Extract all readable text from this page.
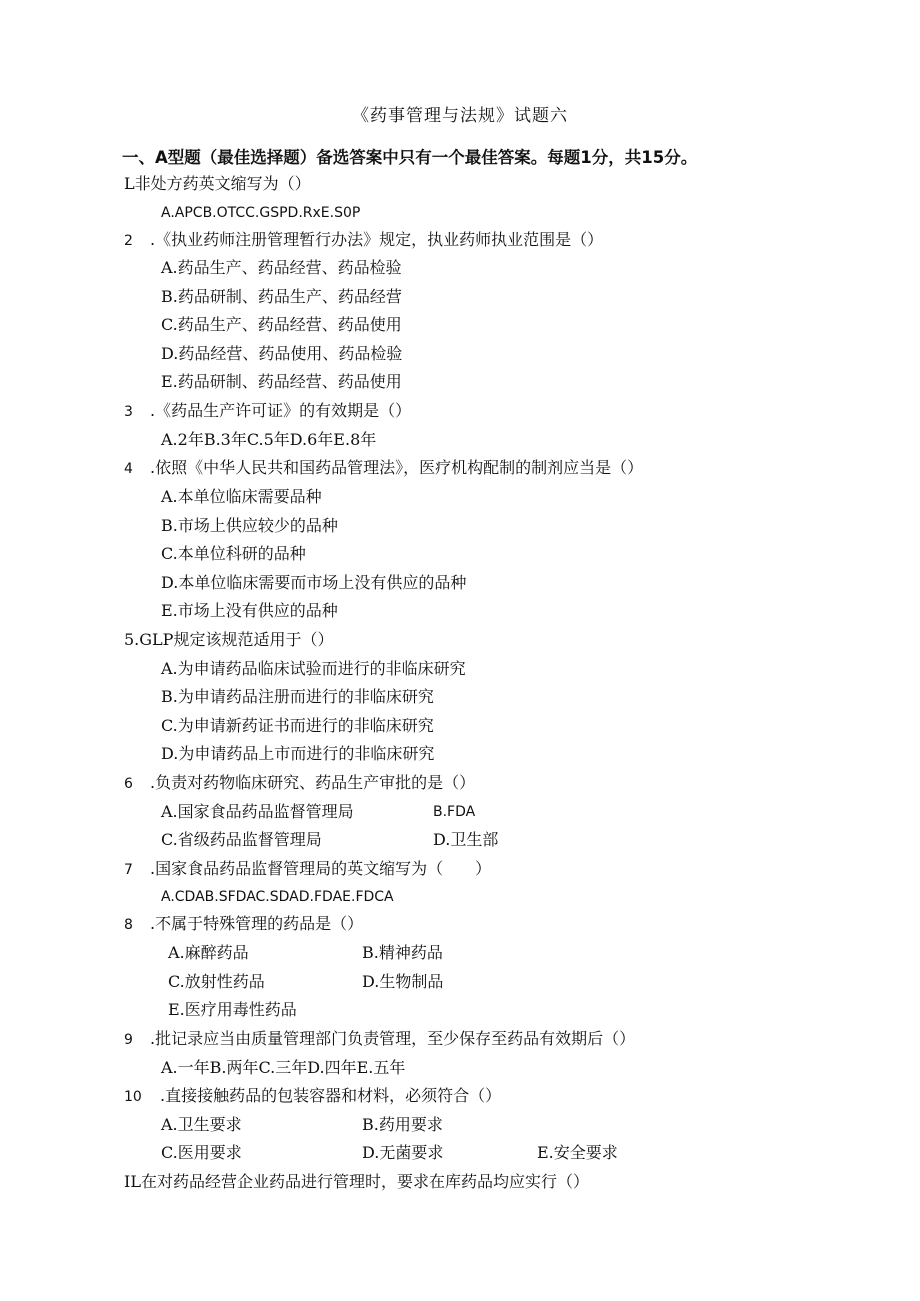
《药事管理与法规》试题六
一、A型题（最佳选择题）备选答案中只有一个最佳答案。每题1分，共15分。
L非处方药英文缩写为（）
A.APCB.OTCC.GSPD.RxE.S0P
2 .《执业药师注册管理暂行办法》规定，执业药师执业范围是（）
A.药品生产、药品经营、药品检验
B.药品研制、药品生产、药品经营
C.药品生产、药品经营、药品使用
D.药品经营、药品使用、药品检验
E.药品研制、药品经营、药品使用
3 .《药品生产许可证》的有效期是（）
A.2年B.3年C.5年D.6年E.8年
4 .依照《中华人民共和国药品管理法》，医疗机构配制的制剂应当是（）
A.本单位临床需要品种
B.市场上供应较少的品种
C.本单位科研的品种
D.本单位临床需要而市场上没有供应的品种
E.市场上没有供应的品种
5.GLP规定该规范适用于（）
A.为申请药品临床试验而进行的非临床研究
B.为申请药品注册而进行的非临床研究
C.为申请新药证书而进行的非临床研究
D.为申请药品上市而进行的非临床研究
6 .负责对药物临床研究、药品生产审批的是（）
A.国家食品药品监督管理局	B.FDA
C.省级药品监督管理局	D.卫生部
7 .国家食品药品监督管理局的英文缩写为（　　）
A.CDAB.SFDAC.SDAD.FDAE.FDCA
8 .不属于特殊管理的药品是（）
A.麻醉药品	B.精神药品
C.放射性药品	D.生物制品
E.医疗用毒性药品
9 .批记录应当由质量管理部门负责管理，至少保存至药品有效期后（）
A.一年B.两年C.三年D.四年E.五年
10 .直接接触药品的包装容器和材料，必须符合（）
A.卫生要求	B.药用要求
C.医用要求	D.无菌要求	E.安全要求
IL在对药品经营企业药品进行管理时，要求在库药品均应实行（）
